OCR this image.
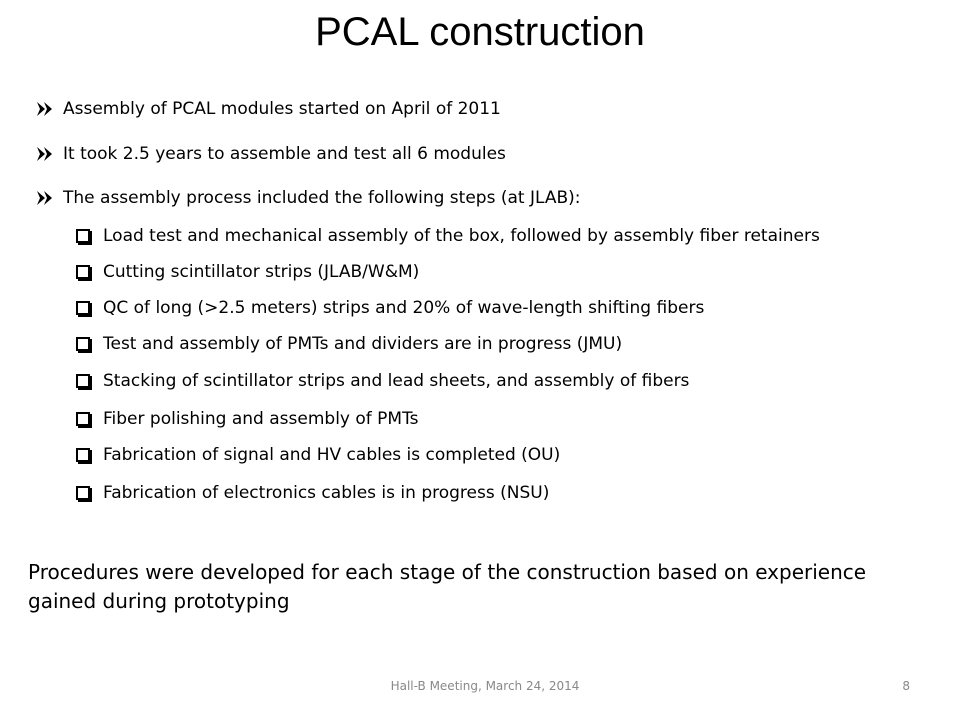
PCAL construction
Assembly of PCAL modules started on April of 2011
It took 2.5 years to assemble and test all 6 modules
The assembly process included the following steps (at JLAB):
Load test and mechanical assembly of the box, followed by assembly fiber retainers
Cutting scintillator strips (JLAB/W&M)
QC of long (>2.5 meters) strips and 20% of wave-length shifting fibers
Test and assembly of PMTs and dividers are in progress (JMU)
Stacking of scintillator strips and lead sheets, and assembly of fibers
Fiber polishing and assembly of PMTs
Fabrication of signal and HV cables is completed (OU)
Fabrication of electronics cables is in progress (NSU)
Procedures were developed for each stage of the construction based on experience gained during prototyping
Hall-B Meeting, March 24, 2014	8
